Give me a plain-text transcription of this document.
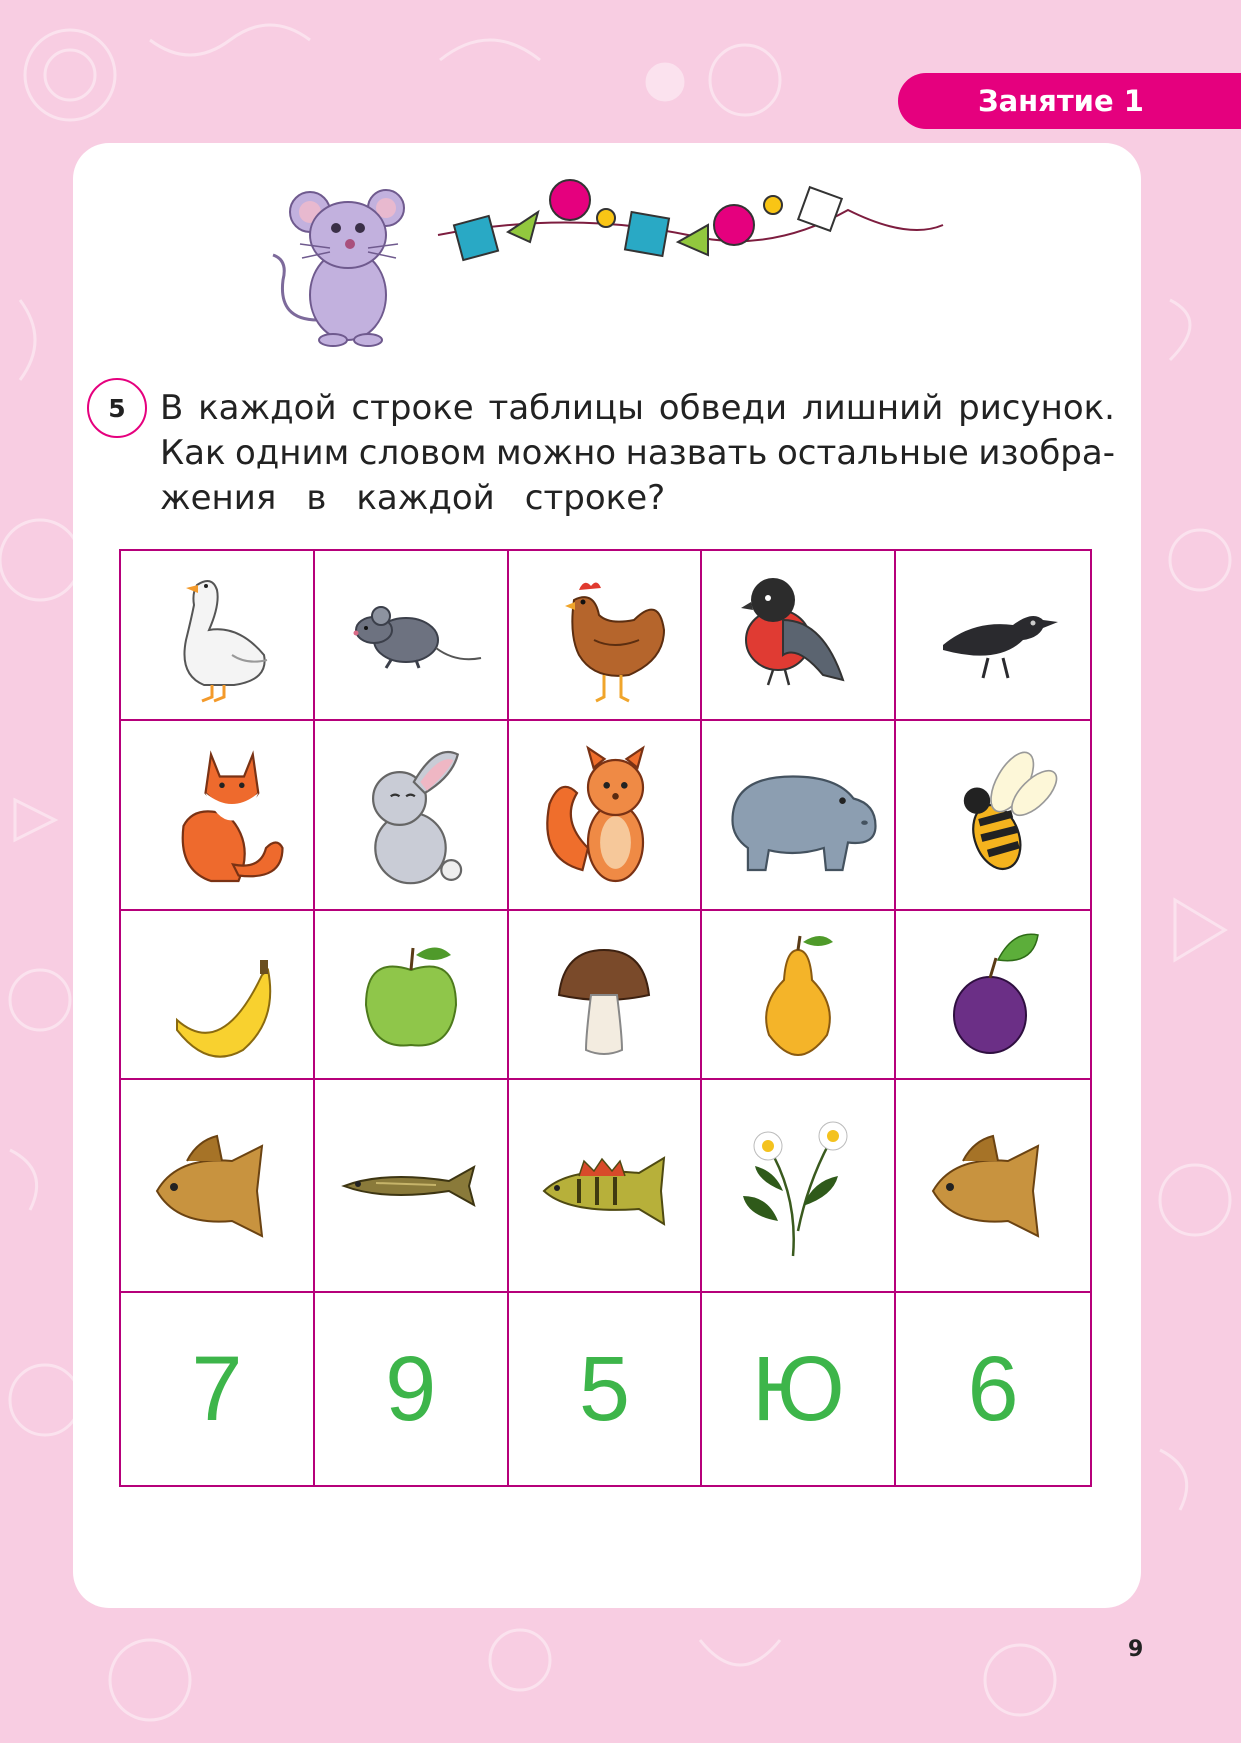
Занятие 1
5	В каждой строке таблицы обведи лишний рисунок.
Как одним словом можно назвать остальные изобра-
жения в каждой строке?
7 9 5 Ю 6
9
